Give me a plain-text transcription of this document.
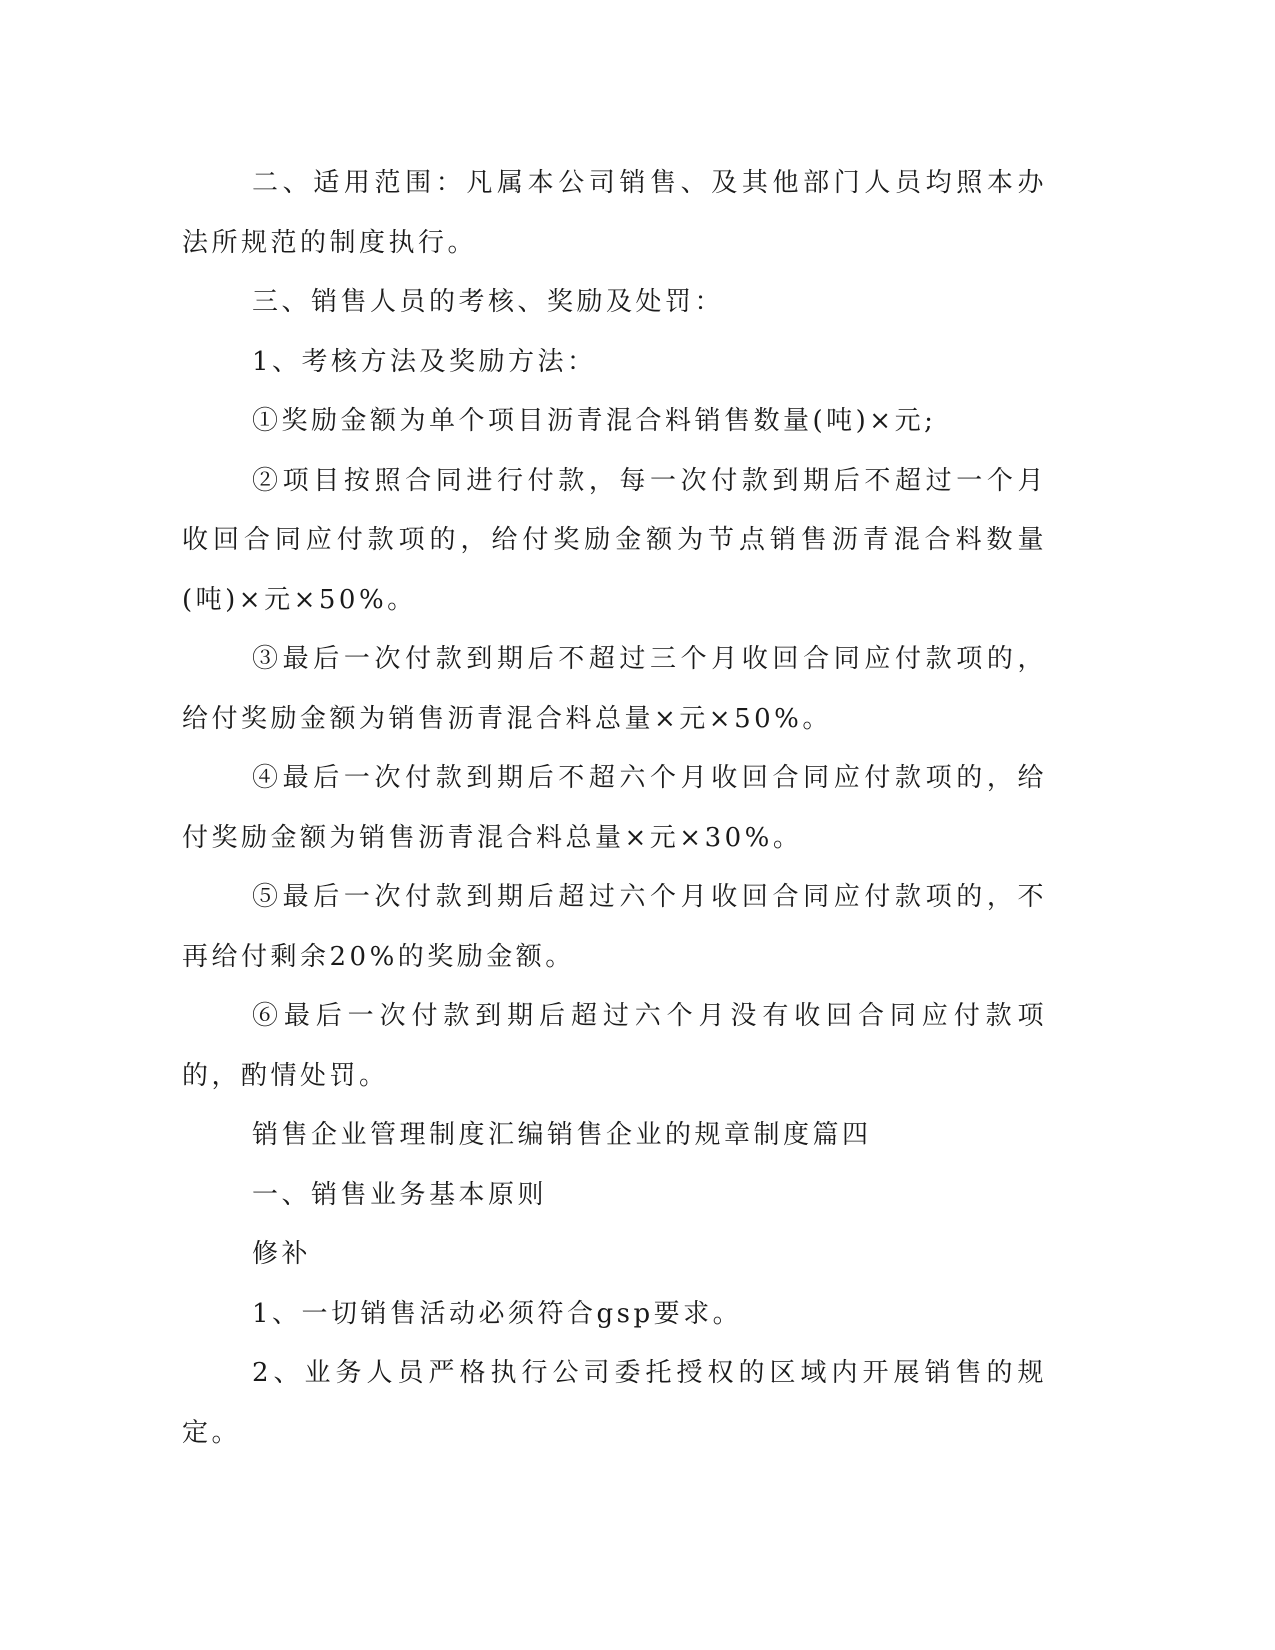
二、适用范围：凡属本公司销售、及其他部门人员均照本办法所规范的制度执行。

三、销售人员的考核、奖励及处罚：

1、考核方法及奖励方法：

①奖励金额为单个项目沥青混合料销售数量(吨)×元;

②项目按照合同进行付款，每一次付款到期后不超过一个月收回合同应付款项的，给付奖励金额为节点销售沥青混合料数量(吨)×元×50%。

③最后一次付款到期后不超过三个月收回合同应付款项的，给付奖励金额为销售沥青混合料总量×元×50%。

④最后一次付款到期后不超六个月收回合同应付款项的，给付奖励金额为销售沥青混合料总量×元×30%。

⑤最后一次付款到期后超过六个月收回合同应付款项的，不再给付剩余20%的奖励金额。

⑥最后一次付款到期后超过六个月没有收回合同应付款项的，酌情处罚。

销售企业管理制度汇编销售企业的规章制度篇四

一、销售业务基本原则

修补

1、一切销售活动必须符合gsp要求。

2、业务人员严格执行公司委托授权的区域内开展销售的规定。
